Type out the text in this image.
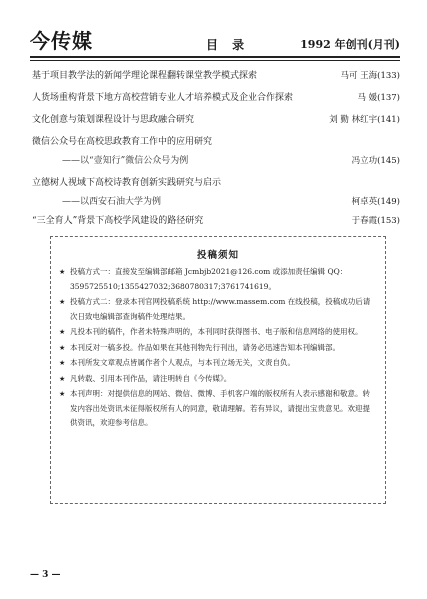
今传媒	目 录	1992 年创刊(月刊)
基于项目教学法的新闻学理论课程翻转课堂教学模式探索	马可 王海(133)
人货场重构背景下地方高校营销专业人才培养模式及企业合作探索	马 媛(137)
文化创意与策划课程设计与思政融合研究	刘 勤 林红宇(141)
微信公众号在高校思政教育工作中的应用研究
——以“壹知行”微信公众号为例	冯立功(145)
立德树人视域下高校诗教育创新实践研究与启示
——以西安石油大学为例	柯卓英(149)
“三全育人”背景下高校学风建设的路径研究	于春霞(153)
投稿须知
★ 投稿方式一：直接发至编辑部邮箱 Jcmbjb2021@126.com 或添加责任编辑 QQ：3595725510;1355427032;3680780317;3761741619。
★ 投稿方式二：登录本刊官网投稿系统 http://www.massem.com 在线投稿，投稿成功后请次日致电编辑部查询稿件处理结果。
★ 凡投本刊的稿件，作者未特殊声明的，本刊同时获得图书、电子版和信息网络的使用权。
★ 本刊反对一稿多投。作品如果在其他刊物先行刊出，请务必迅速告知本刊编辑部。
★ 本刊所发文章观点皆属作者个人观点，与本刊立场无关，文责自负。
★ 凡转载、引用本刊作品，请注明转自《今传媒》。
★ 本刊声明：对提供信息的网站、微信、微博、手机客户端的版权所有人表示感谢和敬意。转发内容出处资讯未征得版权所有人的同意，敬请理解。若有异议，请提出宝贵意见。欢迎提供资讯，欢迎参考信息。
— 3 —
